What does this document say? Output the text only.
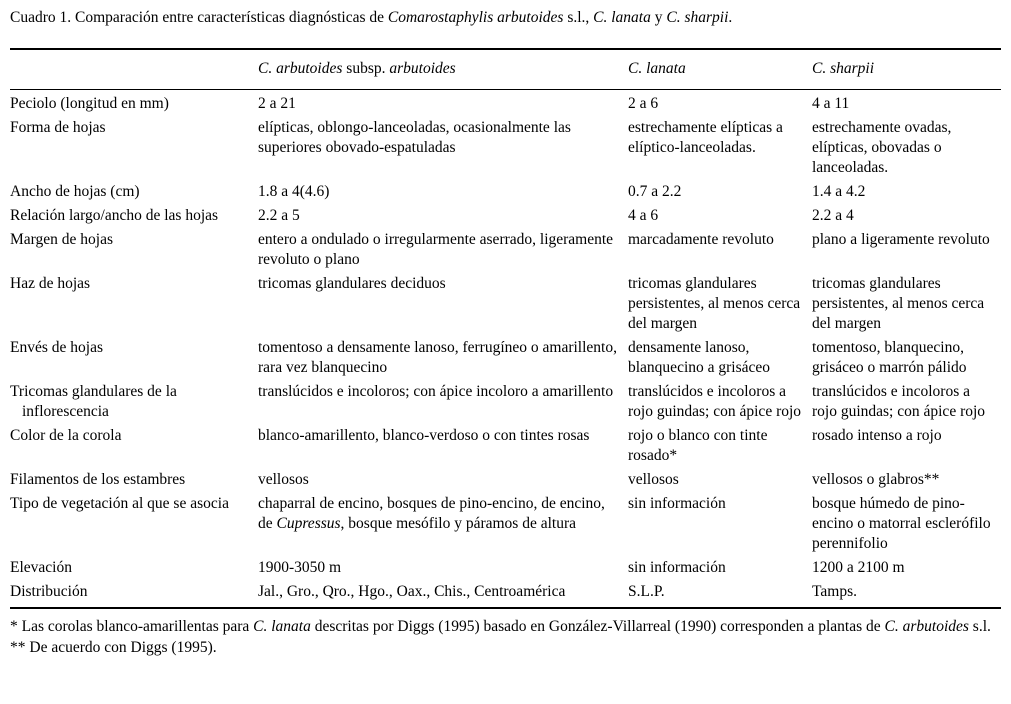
Cuadro 1. Comparación entre características diagnósticas de Comarostaphylis arbutoides s.l., C. lanata y C. sharpii.

	C. arbutoides subsp. arbutoides	C. lanata	C. sharpii
Peciolo (longitud en mm)	2 a 21	2 a 6	4 a 11
Forma de hojas	elípticas, oblongo-lanceoladas, ocasionalmente las superiores obovado-espatuladas	estrechamente elípticas a elíptico-lanceoladas.	estrechamente ovadas, elípticas, obovadas o lanceoladas.
Ancho de hojas (cm)	1.8 a 4(4.6)	0.7 a 2.2	1.4 a 4.2
Relación largo/ancho de las hojas	2.2 a 5	4 a 6	2.2 a 4
Margen de hojas	entero a ondulado o irregularmente aserrado, ligeramente revoluto o plano	marcadamente revoluto	plano a ligeramente revoluto
Haz de hojas	tricomas glandulares deciduos	tricomas glandulares persistentes, al menos cerca del margen	tricomas glandulares persistentes, al menos cerca del margen
Envés de hojas	tomentoso a densamente lanoso, ferrugíneo o amarillento, rara vez blanquecino	densamente lanoso, blanquecino a grisáceo	tomentoso, blanquecino, grisáceo o marrón pálido
Tricomas glandulares de la inflorescencia	translúcidos e incoloros; con ápice incoloro a amarillento	translúcidos e incoloros a rojo guindas; con ápice rojo	translúcidos e incoloros a rojo guindas; con ápice rojo
Color de la corola	blanco-amarillento, blanco-verdoso o con tintes rosas	rojo o blanco con tinte rosado*	rosado intenso a rojo
Filamentos de los estambres	vellosos	vellosos	vellosos o glabros**
Tipo de vegetación al que se asocia	chaparral de encino, bosques de pino-encino, de encino, de Cupressus, bosque mesófilo y páramos de altura	sin información	bosque húmedo de pino-encino o matorral esclerófilo perennifolio
Elevación	1900-3050 m	sin información	1200 a 2100 m
Distribución	Jal., Gro., Qro., Hgo., Oax., Chis., Centroamérica	S.L.P.	Tamps.

* Las corolas blanco-amarillentas para C. lanata descritas por Diggs (1995) basado en González-Villarreal (1990) corresponden a plantas de C. arbutoides s.l.

** De acuerdo con Diggs (1995).
